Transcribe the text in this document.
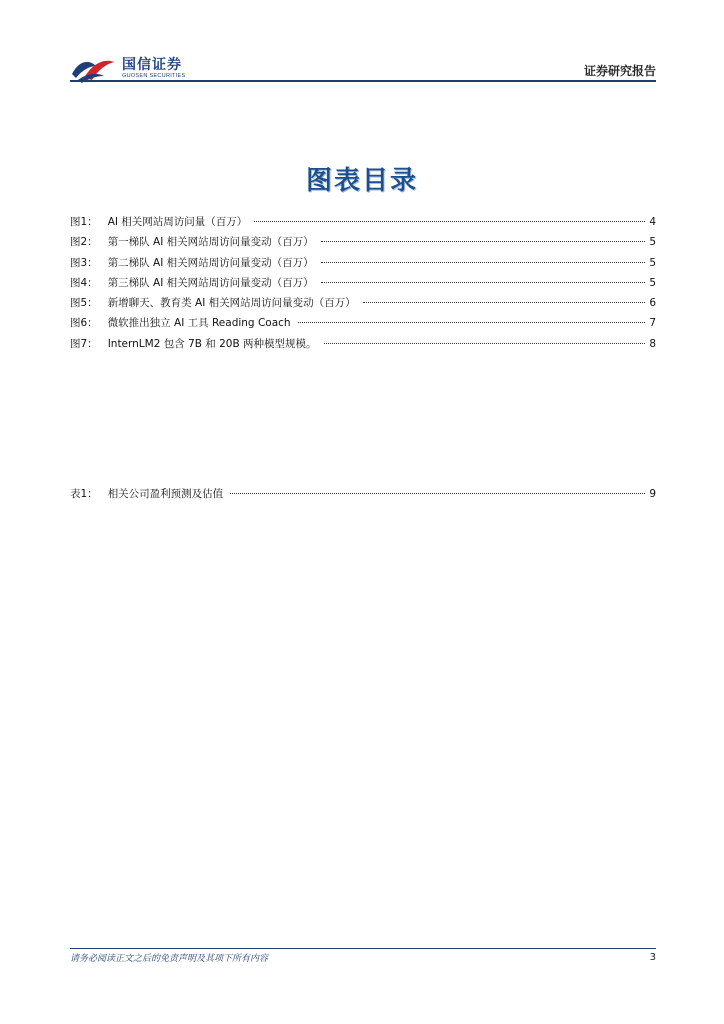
国信证券
GUOSEN SECURITIES	证券研究报告
图表目录
图1： AI 相关网站周访问量（百万）	4
图2： 第一梯队 AI 相关网站周访问量变动（百万）	5
图3： 第二梯队 AI 相关网站周访问量变动（百万）	5
图4： 第三梯队 AI 相关网站周访问量变动（百万）	5
图5： 新增聊天、教育类 AI 相关网站周访问量变动（百万）	6
图6： 微软推出独立 AI 工具 Reading Coach	7
图7： InternLM2 包含 7B 和 20B 两种模型规模。	8
表1： 相关公司盈利预测及估值	9
请务必阅读正文之后的免责声明及其项下所有内容	3
